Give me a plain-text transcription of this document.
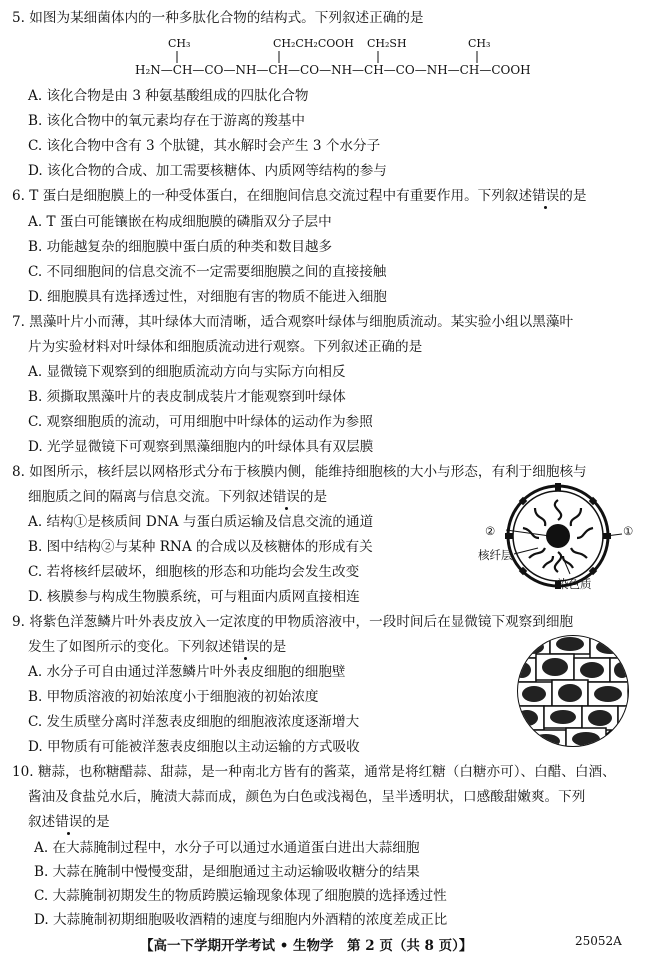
5. 如图为某细菌体内的一种多肽化合物的结构式。下列叙述正确的是
CH₃	CH₂CH₂COOH CH₂SH	CH₃
H₂N—CH—CO—NH—CH—CO—NH—CH—CO—NH—CH—COOH
A. 该化合物是由 3 种氨基酸组成的四肽化合物
B. 该化合物中的氧元素均存在于游离的羧基中
C. 该化合物中含有 3 个肽键，其水解时会产生 3 个水分子
D. 该化合物的合成、加工需要核糖体、内质网等结构的参与
6. T 蛋白是细胞膜上的一种受体蛋白，在细胞间信息交流过程中有重要作用。下列叙述错误的是
A. T 蛋白可能镶嵌在构成细胞膜的磷脂双分子层中
B. 功能越复杂的细胞膜中蛋白质的种类和数目越多
C. 不同细胞间的信息交流不一定需要细胞膜之间的直接接触
D. 细胞膜具有选择透过性，对细胞有害的物质不能进入细胞
7. 黑藻叶片小而薄，其叶绿体大而清晰，适合观察叶绿体与细胞质流动。某实验小组以黑藻叶
片为实验材料对叶绿体和细胞质流动进行观察。下列叙述正确的是
A. 显微镜下观察到的细胞质流动方向与实际方向相反
B. 须撕取黑藻叶片的表皮制成装片才能观察到叶绿体
C. 观察细胞质的流动，可用细胞中叶绿体的运动作为参照
D. 光学显微镜下可观察到黑藻细胞内的叶绿体具有双层膜
8. 如图所示，核纤层以网格形式分布于核膜内侧，能维持细胞核的大小与形态，有利于细胞核与
细胞质之间的隔离与信息交流。下列叙述错误的是
A. 结构①是核质间 DNA 与蛋白质运输及信息交流的通道
B. 图中结构②与某种 RNA 的合成以及核糖体的形成有关
C. 若将核纤层破坏，细胞核的形态和功能均会发生改变
D. 核膜参与构成生物膜系统，可与粗面内质网直接相连
②	①
核纤层
染色质
9. 将紫色洋葱鳞片叶外表皮放入一定浓度的甲物质溶液中，一段时间后在显微镜下观察到细胞
发生了如图所示的变化。下列叙述错误的是
A. 水分子可自由通过洋葱鳞片叶外表皮细胞的细胞壁
B. 甲物质溶液的初始浓度小于细胞液的初始浓度
C. 发生质壁分离时洋葱表皮细胞的细胞液浓度逐渐增大
D. 甲物质有可能被洋葱表皮细胞以主动运输的方式吸收
10. 糖蒜，也称糖醋蒜、甜蒜，是一种南北方皆有的酱菜，通常是将红糖（白糖亦可）、白醋、白酒、
酱油及食盐兑水后，腌渍大蒜而成，颜色为白色或浅褐色，呈半透明状，口感酸甜嫩爽。下列
叙述错误的是
A. 在大蒜腌制过程中，水分子可以通过水通道蛋白进出大蒜细胞
B. 大蒜在腌制中慢慢变甜，是细胞通过主动运输吸收糖分的结果
C. 大蒜腌制初期发生的物质跨膜运输现象体现了细胞膜的选择透过性
D. 大蒜腌制初期细胞吸收酒精的速度与细胞内外酒精的浓度差成正比
【高一下学期开学考试 • 生物学　第 2 页（共 8 页）】	25052A
